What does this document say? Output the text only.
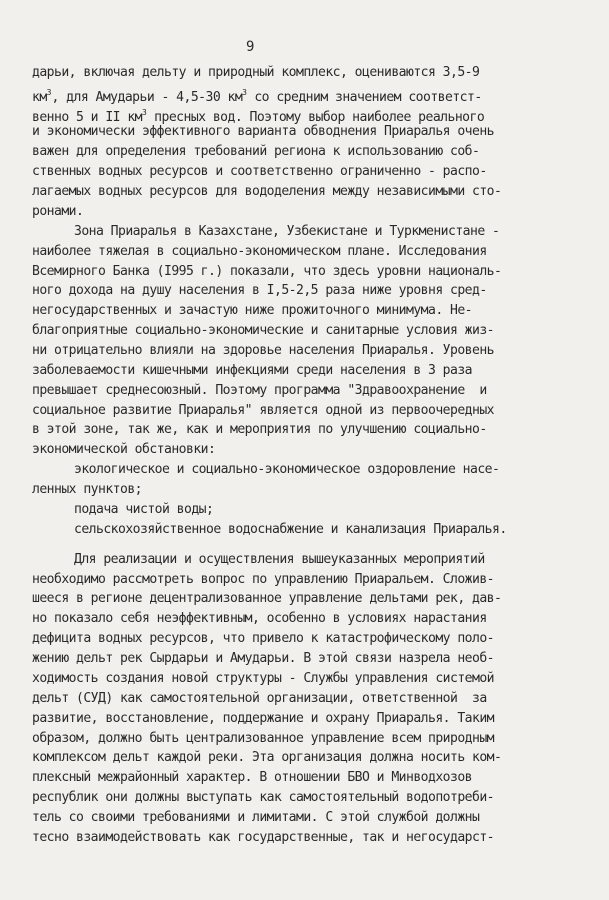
9
дарьи, включая дельту и природный комплекс, оцениваются 3,5-9
$км^3$, для Амударьи - 4,5-30 $км^3$ со средним значением соответст-
венно 5 и II $км^3$ пресных вод. Поэтому выбор наиболее реального
и экономически эффективного варианта обводнения Приаралья очень
важен для определения требований региона к использованию соб-
ственных водных ресурсов и соответственно ограниченно - распо-
лагаемых водных ресурсов для вододеления между независимыми сто-
ронами.
Зона Приаралья в Казахстане, Узбекистане и Туркменистане -
наиболее тяжелая в социально-экономическом плане. Исследования
Всемирного Банка (I995 г.) показали, что здесь уровни националь-
ного дохода на душу населения в I,5-2,5 раза ниже уровня сред-
негосударственных и зачастую ниже прожиточного минимума. Не-
благоприятные социально-экономические и санитарные условия жиз-
ни отрицательно влияли на здоровье населения Приаралья. Уровень
заболеваемости кишечными инфекциями среди населения в 3 раза
превышает среднесоюзный. Поэтому программа "Здравоохранение  и
социальное развитие Приаралья" является одной из первоочередных
в этой зоне, так же, как и мероприятия по улучшению социально-
экономической обстановки:
экологическое и социально-экономическое оздоровление насе-
ленных пунктов;
подача чистой воды;
сельскохозяйственное водоснабжение и канализация Приаралья.
Для реализации и осуществления вышеуказанных мероприятий
необходимо рассмотреть вопрос по управлению Приаральем. Сложив-
шееся в регионе децентрализованное управление дельтами рек, дав-
но показало себя неэффективным, особенно в условиях нарастания
дефицита водных ресурсов, что привело к катастрофическому поло-
жению дельт рек Сырдарьи и Амударьи. В этой связи назрела необ-
ходимость создания новой структуры - Службы управления системой
дельт (СУД) как самостоятельной организации, ответственной  за
развитие, восстановление, поддержание и охрану Приаралья. Таким
образом, должно быть централизованное управление всем природным
комплексом дельт каждой реки. Эта организация должна носить ком-
плексный межрайонный характер. В отношении БВО и Минводхозов
республик они должны выступать как самостоятельный водопотреби-
тель со своими требованиями и лимитами. С этой службой должны
тесно взаимодействовать как государственные, так и негосударст-
